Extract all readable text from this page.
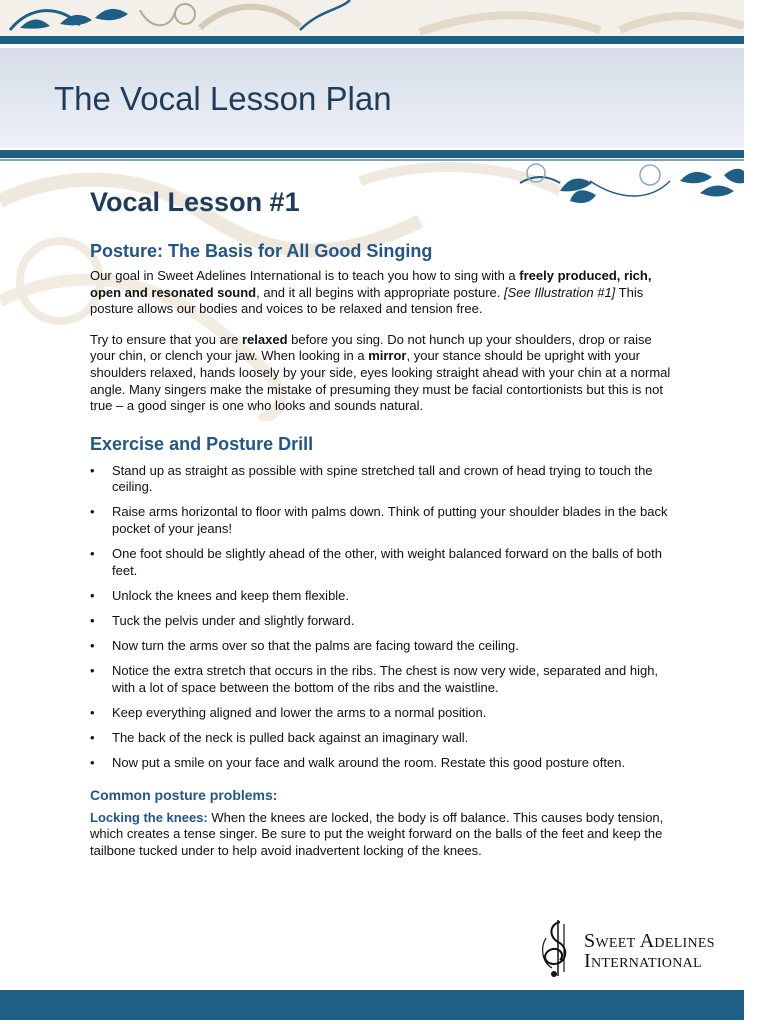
The Vocal Lesson Plan
Vocal Lesson #1
Posture: The Basis for All Good Singing

Our goal in Sweet Adelines International is to teach you how to sing with a freely produced, rich, open and resonated sound, and it all begins with appropriate posture. [See Illustration #1] This posture allows our bodies and voices to be relaxed and tension free.

Try to ensure that you are relaxed before you sing. Do not hunch up your shoulders, drop or raise your chin, or clench your jaw. When looking in a mirror, your stance should be upright with your shoulders relaxed, hands loosely by your side, eyes looking straight ahead with your chin at a normal angle. Many singers make the mistake of presuming they must be facial contortionists but this is not true – a good singer is one who looks and sounds natural.

Exercise and Posture Drill
• Stand up as straight as possible with spine stretched tall and crown of head trying to touch the ceiling.
• Raise arms horizontal to floor with palms down. Think of putting your shoulder blades in the back pocket of your jeans!
• One foot should be slightly ahead of the other, with weight balanced forward on the balls of both feet.
• Unlock the knees and keep them flexible.
• Tuck the pelvis under and slightly forward.
• Now turn the arms over so that the palms are facing toward the ceiling.
• Notice the extra stretch that occurs in the ribs. The chest is now very wide, separated and high, with a lot of space between the bottom of the ribs and the waistline.
• Keep everything aligned and lower the arms to a normal position.
• The back of the neck is pulled back against an imaginary wall.
• Now put a smile on your face and walk around the room. Restate this good posture often.
Common posture problems:

Locking the knees: When the knees are locked, the body is off balance. This causes body tension, which creates a tense singer. Be sure to put the weight forward on the balls of the feet and keep the tailbone tucked under to help avoid inadvertent locking of the knees.

Sweet Adelines
International
